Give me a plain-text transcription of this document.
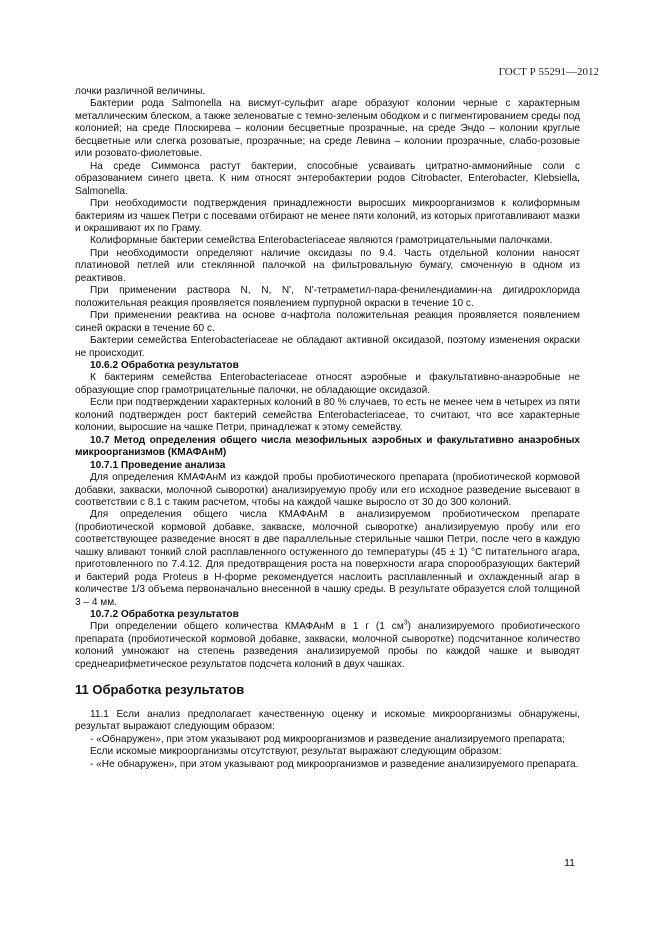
ГОСТ Р 55291—2012

лочки различной величины.

Бактерии рода Salmonella на висмут-сульфит агаре образуют колонии черные с характерным металлическим блеском, а также зеленоватые с темно-зеленым ободком и с пигментированием среды под колонией; на среде Плоскирева – колонии бесцветные прозрачные, на среде Эндо – колонии круглые бесцветные или слегка розоватые, прозрачные; на среде Левина – колонии прозрачные, слабо-розовые или розовато-фиолетовые.

На среде Симмонса растут бактерии, способные усваивать цитратно-аммонийные соли с образованием синего цвета. К ним относят энтеробактерии родов Citrobacter, Enterobacter, Klebsiella, Salmonella.

При необходимости подтверждения принадлежности выросших микроорганизмов к колиформным бактериям из чашек Петри с посевами отбирают не менее пяти колоний, из которых приготавливают мазки и окрашивают их по Граму.

Колиформные бактерии семейства Enterobacteriaceae являются грамотрицательными палочками.

При необходимости определяют наличие оксидазы по 9.4. Часть отдельной колонии наносят платиновой петлей или стеклянной палочкой на фильтровальную бумагу, смоченную в одном из реактивов.

При применении раствора N, N, N', N'-тетраметил-пара-фенилендиамин-на дигидрохлорида положительная реакция проявляется появлением пурпурной окраски в течение 10 с.

При применении реактива на основе α-нафтола положительная реакция проявляется появлением синей окраски в течение 60 с.

Бактерии семейства Enterobacteriaceae не обладают активной оксидазой, поэтому изменения окраски не происходит.

10.6.2 Обработка результатов

К бактериям семейства Enterobacteriaceae относят аэробные и факультативно-анаэробные не образующие спор грамотрицательные палочки, не обладающие оксидазой.

Если при подтверждении характерных колоний в 80 % случаев, то есть не менее чем в четырех из пяти колоний подтвержден рост бактерий семейства Enterobacteriaceae, то считают, что все характерные колонии, выросшие на чашке Петри, принадлежат к этому семейству.

10.7 Метод определения общего числа мезофильных аэробных и факультативно анаэробных микроорганизмов (КМАФАнМ)

10.7.1 Проведение анализа

Для определения КМАФАнМ из каждой пробы пробиотического препарата (пробиотической кормовой добавки, закваски, молочной сыворотки) анализируемую пробу или его исходное разведение высевают в соответствии с 8.1 с таким расчетом, чтобы на каждой чашке выросло от 30 до 300 колоний.

Для определения общего числа КМАФАнМ в анализируемом пробиотическом препарате (пробиотической кормовой добавке, закваске, молочной сыворотке) анализируемую пробу или его соответствующее разведение вносят в две параллельные стерильные чашки Петри, после чего в каждую чашку вливают тонкий слой расплавленного остуженного до температуры (45 ± 1) °С питательного агара, приготовленного по 7.4.12. Для предотвращения роста на поверхности агара спорообразующих бактерий и бактерий рода Proteus в Н-форме рекомендуется наслоить расплавленный и охлажденный агар в количестве 1/3 объема первоначально внесенной в чашку среды. В результате образуется слой толщиной 3 – 4 мм.

10.7.2 Обработка результатов

При определении общего количества КМАФАнМ в 1 г (1 $см^3$) анализируемого пробиотического препарата (пробиотической кормовой добавке, закваски, молочной сыворотке) подсчитанное количество колоний умножают на степень разведения анализируемой пробы по каждой чашке и выводят среднеарифметическое результатов подсчета колоний в двух чашках.

11 Обработка результатов

11.1 Если анализ предполагает качественную оценку и искомые микроорганизмы обнаружены, результат выражают следующим образом:

- «Обнаружен», при этом указывают род микроорганизмов и разведение анализируемого препарата;

Если искомые микроорганизмы отсутствуют, результат выражают следующим образом:

- «Не обнаружен», при этом указывают род микроорганизмов и разведение анализируемого препарата.

11
